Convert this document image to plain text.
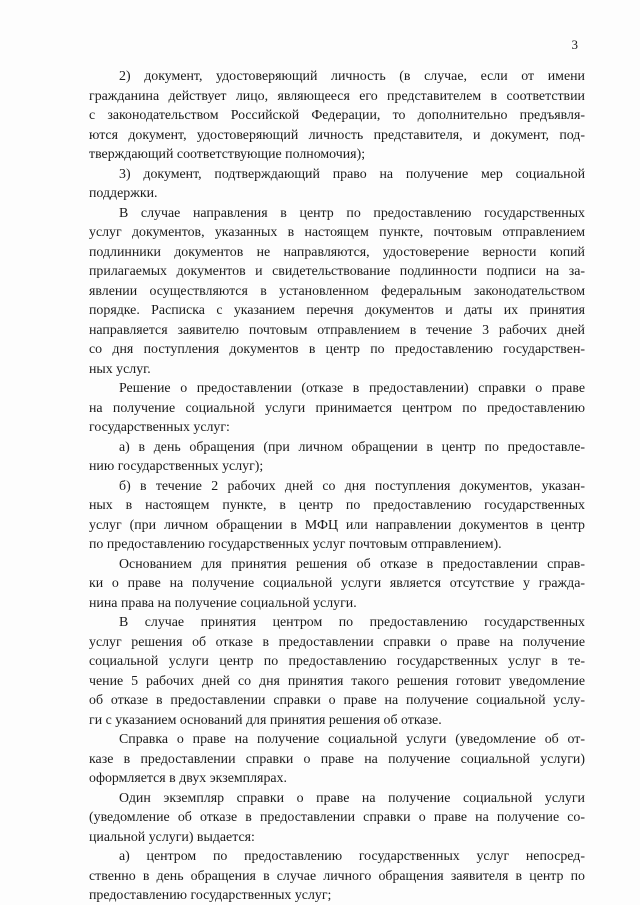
3
2) документ, удостоверяющий личность (в случае, если от имени
гражданина действует лицо, являющееся его представителем в соответствии
с законодательством Российской Федерации, то дополнительно предъявля-
ются документ, удостоверяющий личность представителя, и документ, под-
тверждающий соответствующие полномочия);
3) документ, подтверждающий право на получение мер социальной
поддержки.
В случае направления в центр по предоставлению государственных
услуг документов, указанных в настоящем пункте, почтовым отправлением
подлинники документов не направляются, удостоверение верности копий
прилагаемых документов и свидетельствование подлинности подписи на за-
явлении осуществляются в установленном федеральным законодательством
порядке. Расписка с указанием перечня документов и даты их принятия
направляется заявителю почтовым отправлением в течение 3 рабочих дней
со дня поступления документов в центр по предоставлению государствен-
ных услуг.
Решение о предоставлении (отказе в предоставлении) справки о праве
на получение социальной услуги принимается центром по предоставлению
государственных услуг:
а) в день обращения (при личном обращении в центр по предоставле-
нию государственных услуг);
б) в течение 2 рабочих дней со дня поступления документов, указан-
ных в настоящем пункте, в центр по предоставлению государственных
услуг (при личном обращении в МФЦ или направлении документов в центр
по предоставлению государственных услуг почтовым отправлением).
Основанием для принятия решения об отказе в предоставлении справ-
ки о праве на получение социальной услуги является отсутствие у гражда-
нина права на получение социальной услуги.
В случае принятия центром по предоставлению государственных
услуг решения об отказе в предоставлении справки о праве на получение
социальной услуги центр по предоставлению государственных услуг в те-
чение 5 рабочих дней со дня принятия такого решения готовит уведомление
об отказе в предоставлении справки о праве на получение социальной услу-
ги с указанием оснований для принятия решения об отказе.
Справка о праве на получение социальной услуги (уведомление об от-
казе в предоставлении справки о праве на получение социальной услуги)
оформляется в двух экземплярах.
Один экземпляр справки о праве на получение социальной услуги
(уведомление об отказе в предоставлении справки о праве на получение со-
циальной услуги) выдается:
а) центром по предоставлению государственных услуг непосред-
ственно в день обращения в случае личного обращения заявителя в центр по
предоставлению государственных услуг;
